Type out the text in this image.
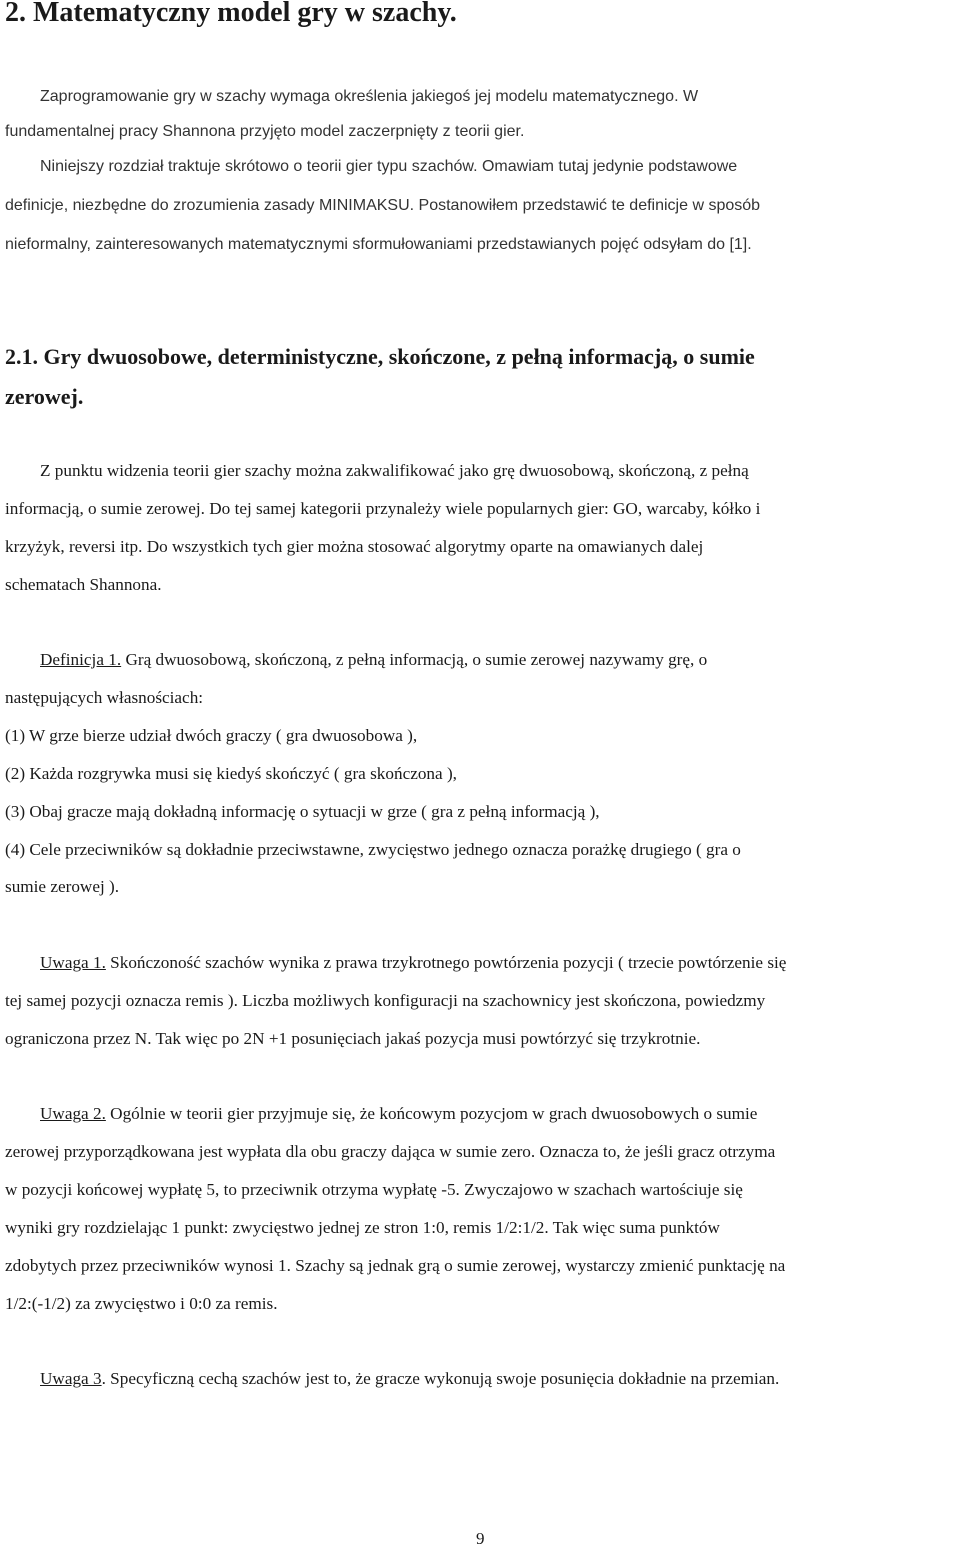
2. Matematyczny model gry w szachy.
Zaprogramowanie gry w szachy wymaga określenia jakiegoś jej modelu matematycznego. W
fundamentalnej pracy Shannona przyjęto model zaczerpnięty z teorii gier.
Niniejszy rozdział traktuje skrótowo o teorii gier typu szachów. Omawiam tutaj jedynie podstawowe
definicje, niezbędne do zrozumienia zasady MINIMAKSU. Postanowiłem przedstawić te definicje w sposób
nieformalny, zainteresowanych matematycznymi sformułowaniami przedstawianych pojęć odsyłam do [1].
2.1. Gry dwuosobowe, deterministyczne, skończone, z pełną informacją, o sumie
zerowej.
Z punktu widzenia teorii gier szachy można zakwalifikować jako grę dwuosobową, skończoną, z pełną
informacją, o sumie zerowej. Do tej samej kategorii przynależy wiele popularnych gier: GO, warcaby, kółko i
krzyżyk, reversi itp. Do wszystkich tych gier można stosować algorytmy oparte na omawianych dalej
schematach Shannona.
Definicja 1. Grą dwuosobową, skończoną, z pełną informacją, o sumie zerowej nazywamy grę, o
następujących własnościach:
(1) W grze bierze udział dwóch graczy ( gra dwuosobowa ),
(2) Każda rozgrywka musi się kiedyś skończyć ( gra skończona ),
(3) Obaj gracze mają dokładną informację o sytuacji w grze ( gra z pełną informacją ),
(4) Cele przeciwników są dokładnie przeciwstawne, zwycięstwo jednego oznacza porażkę drugiego ( gra o
sumie zerowej ).
Uwaga 1. Skończoność szachów wynika z prawa trzykrotnego powtórzenia pozycji ( trzecie powtórzenie się
tej samej pozycji oznacza remis ). Liczba możliwych konfiguracji na szachownicy jest skończona, powiedzmy
ograniczona przez N. Tak więc po 2N +1 posunięciach jakaś pozycja musi powtórzyć się trzykrotnie.
Uwaga 2. Ogólnie w teorii gier przyjmuje się, że końcowym pozycjom w grach dwuosobowych o sumie
zerowej przyporządkowana jest wypłata dla obu graczy dająca w sumie zero. Oznacza to, że jeśli gracz otrzyma
w pozycji końcowej wypłatę 5, to przeciwnik otrzyma wypłatę -5. Zwyczajowo w szachach wartościuje się
wyniki gry rozdzielając 1 punkt: zwycięstwo jednej ze stron 1:0, remis 1/2:1/2. Tak więc suma punktów
zdobytych przez przeciwników wynosi 1. Szachy są jednak grą o sumie zerowej, wystarczy zmienić punktację na
1/2:(-1/2) za zwycięstwo i 0:0 za remis.
Uwaga 3. Specyficzną cechą szachów jest to, że gracze wykonują swoje posunięcia dokładnie na przemian.
9
